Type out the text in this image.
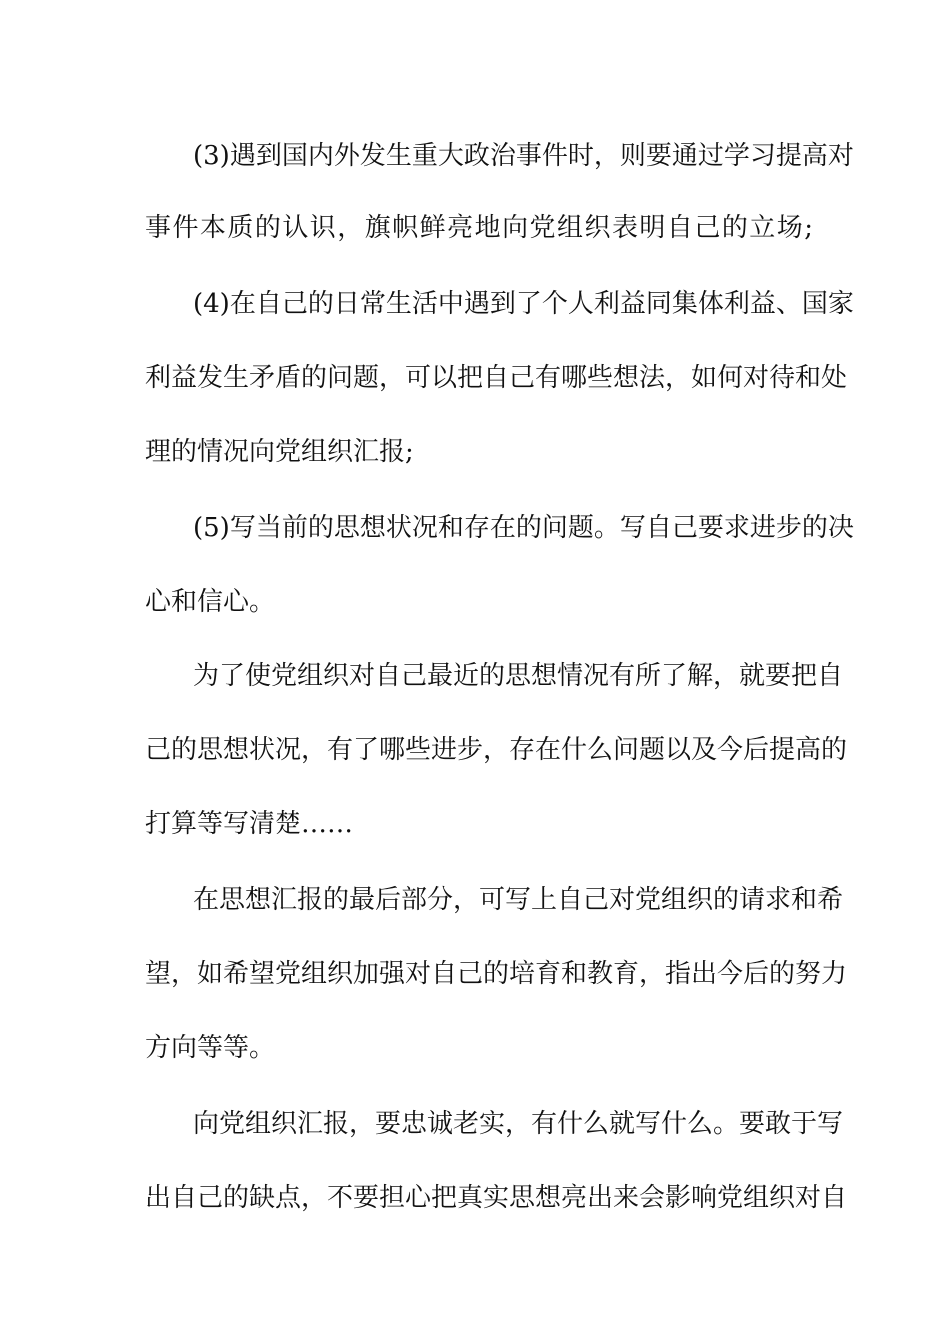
(3)遇到国内外发生重大政治事件时，则要通过学习提高对
事件本质的认识，旗帜鲜亮地向党组织表明自己的立场;
(4)在自己的日常生活中遇到了个人利益同集体利益、国家
利益发生矛盾的问题，可以把自己有哪些想法，如何对待和处
理的情况向党组织汇报;
(5)写当前的思想状况和存在的问题。写自己要求进步的决
心和信心。
为了使党组织对自己最近的思想情况有所了解，就要把自
己的思想状况，有了哪些进步，存在什么问题以及今后提高的
打算等写清楚……
在思想汇报的最后部分，可写上自己对党组织的请求和希
望，如希望党组织加强对自己的培育和教育，指出今后的努力
方向等等。
向党组织汇报，要忠诚老实，有什么就写什么。要敢于写
出自己的缺点，不要担心把真实思想亮出来会影响党组织对自
